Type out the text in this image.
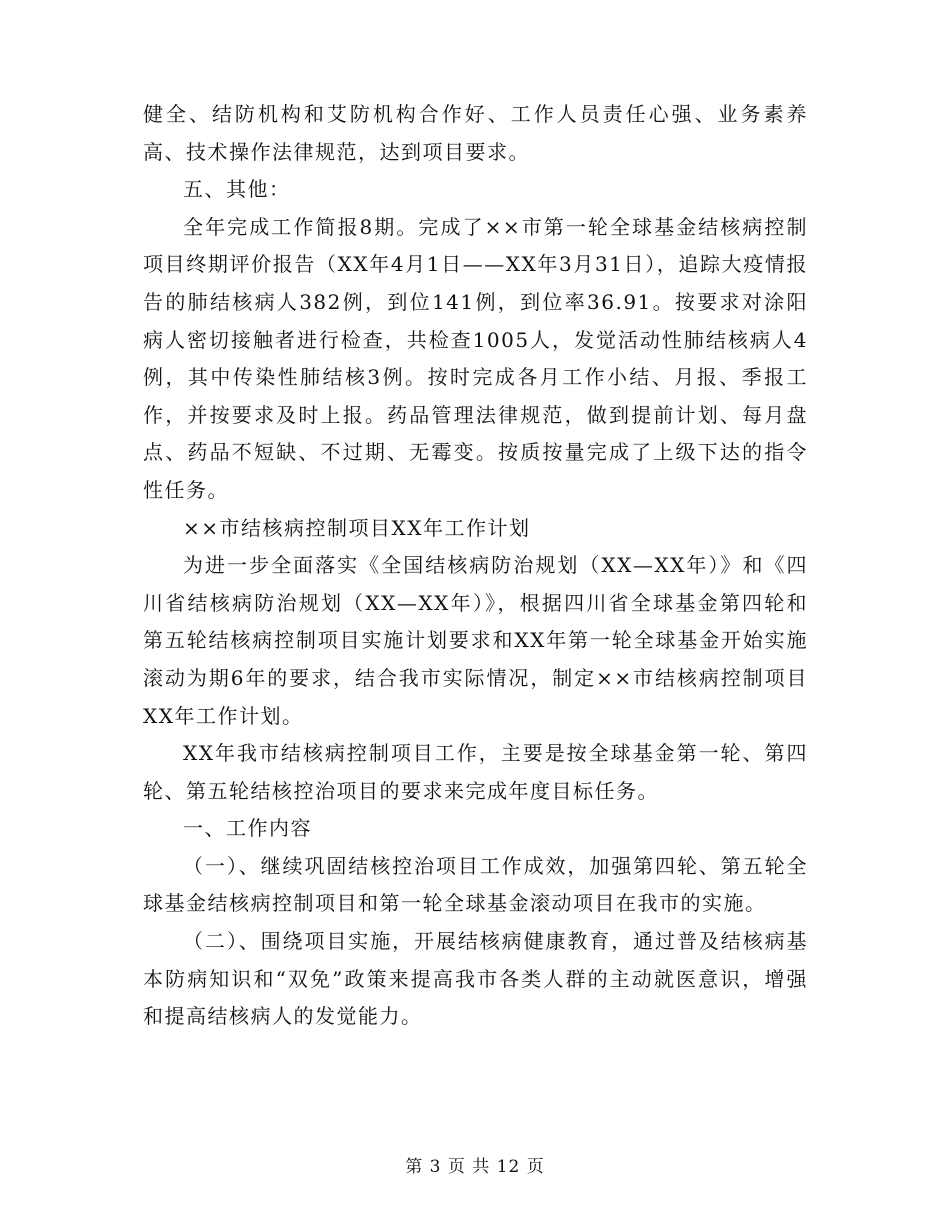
健全、结防机构和艾防机构合作好、工作人员责任心强、业务素养高、技术操作法律规范，达到项目要求。

五、其他：

全年完成工作简报8期。完成了××市第一轮全球基金结核病控制项目终期评价报告（XX年4月1日——XX年3月31日），追踪大疫情报告的肺结核病人382例，到位141例，到位率36.91。按要求对涂阳病人密切接触者进行检查，共检查1005人，发觉活动性肺结核病人4例，其中传染性肺结核3例。按时完成各月工作小结、月报、季报工作，并按要求及时上报。药品管理法律规范，做到提前计划、每月盘点、药品不短缺、不过期、无霉变。按质按量完成了上级下达的指令性任务。

××市结核病控制项目XX年工作计划

为进一步全面落实《全国结核病防治规划（XX—XX年）》和《四川省结核病防治规划（XX—XX年）》，根据四川省全球基金第四轮和第五轮结核病控制项目实施计划要求和XX年第一轮全球基金开始实施滚动为期6年的要求，结合我市实际情况，制定××市结核病控制项目XX年工作计划。

XX年我市结核病控制项目工作，主要是按全球基金第一轮、第四轮、第五轮结核控治项目的要求来完成年度目标任务。

一、工作内容

（一）、继续巩固结核控治项目工作成效，加强第四轮、第五轮全球基金结核病控制项目和第一轮全球基金滚动项目在我市的实施。

（二）、围绕项目实施，开展结核病健康教育，通过普及结核病基本防病知识和“双免”政策来提高我市各类人群的主动就医意识，增强和提高结核病人的发觉能力。

第 3 页 共 12 页
